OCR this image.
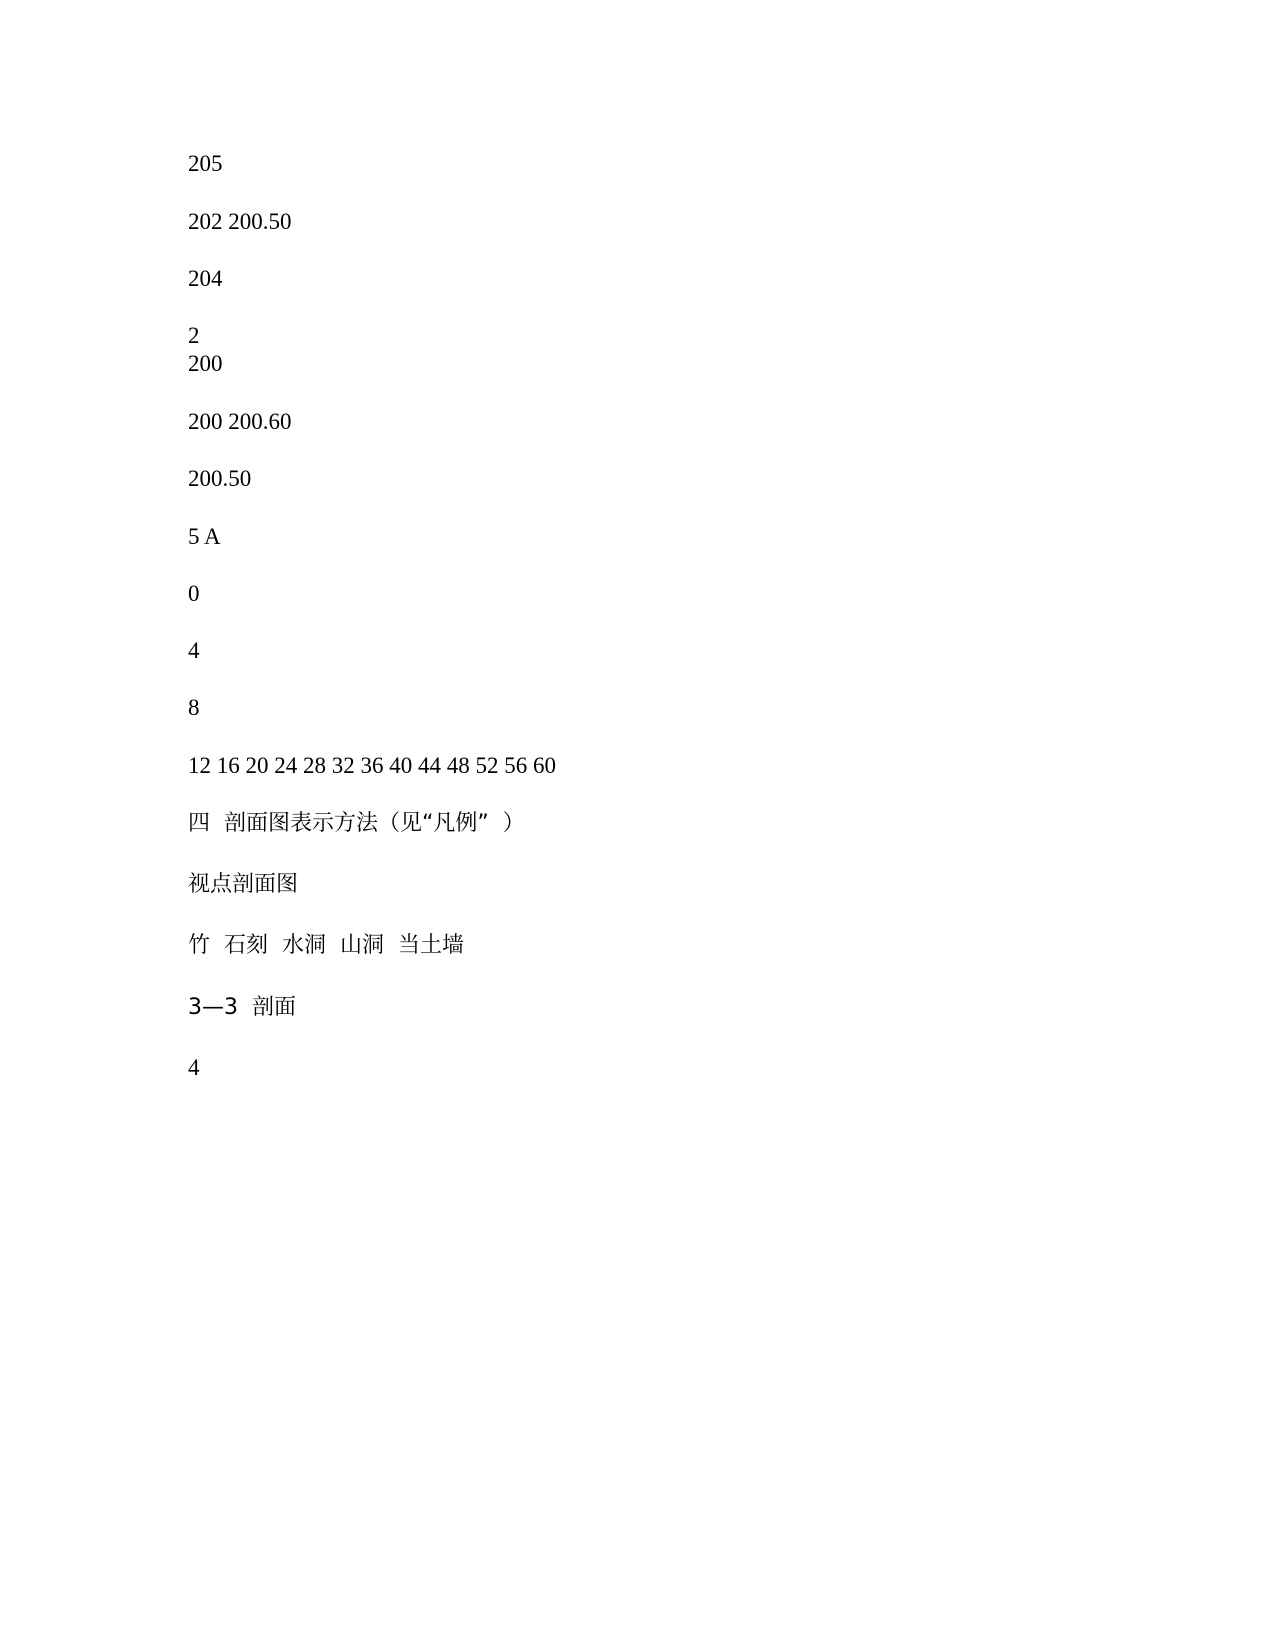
205

202 200.50

204

2

200

200 200.60

200.50

5 A

0

4

8

12 16 20 24 28 32 36 40 44 48 52 56 60

四  剖面图表示方法（见“凡例”  ）

视点剖面图

竹  石刻  水洞  山洞  当土墙

3—3  剖面

4
